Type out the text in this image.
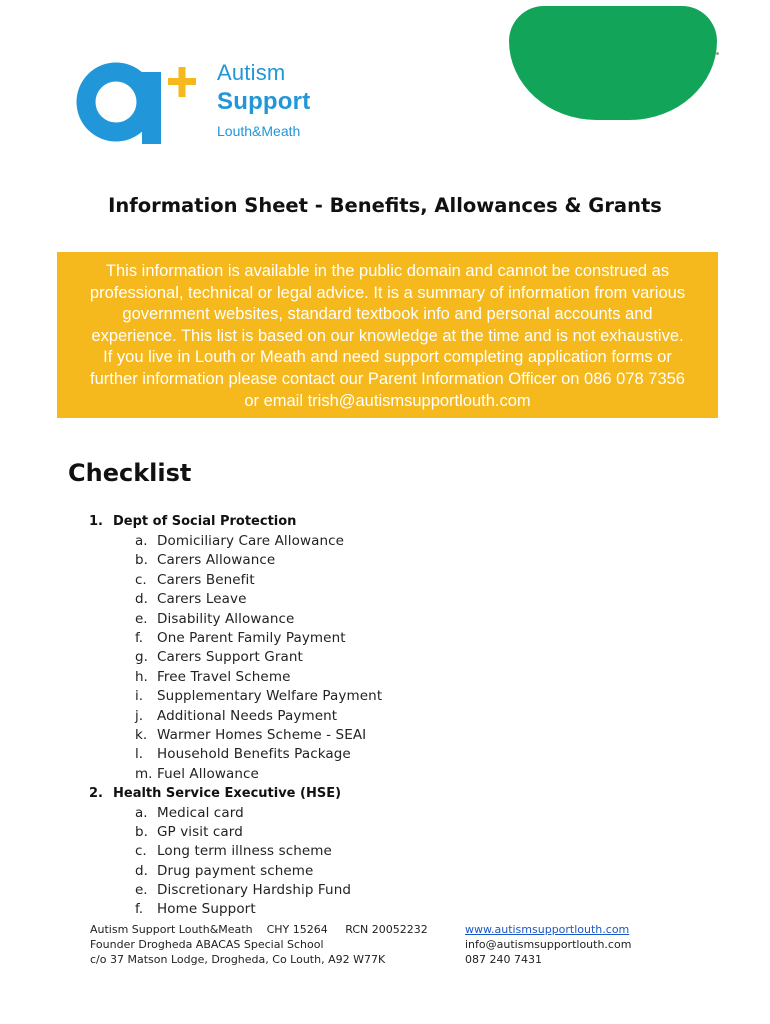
Autism
Support
Louth&Meath
Information Sheet - Benefits, Allowances & Grants
This information is available in the public domain and cannot be construed as
professional, technical or legal advice. It is a summary of information from various
government websites, standard textbook info and personal accounts and
experience. This list is based on our knowledge at the time and is not exhaustive.
If you live in Louth or Meath and need support completing application forms or
further information please contact our Parent Information Officer on 086 078 7356
or email trish@autismsupportlouth.com
Checklist
1. Dept of Social Protection
a. Domiciliary Care Allowance
b. Carers Allowance
c. Carers Benefit
d. Carers Leave
e. Disability Allowance
f. One Parent Family Payment
g. Carers Support Grant
h. Free Travel Scheme
i. Supplementary Welfare Payment
j. Additional Needs Payment
k. Warmer Homes Scheme - SEAI
l. Household Benefits Package
m. Fuel Allowance
2. Health Service Executive (HSE)
a. Medical card
b. GP visit card
c. Long term illness scheme
d. Drug payment scheme
e. Discretionary Hardship Fund
f. Home Support
Autism Support Louth&Meath CHY 15264 RCN 20052232
Founder Drogheda ABACAS Special School
c/o 37 Matson Lodge, Drogheda, Co Louth, A92 W77K
www.autismsupportlouth.com
info@autismsupportlouth.com
087 240 7431
